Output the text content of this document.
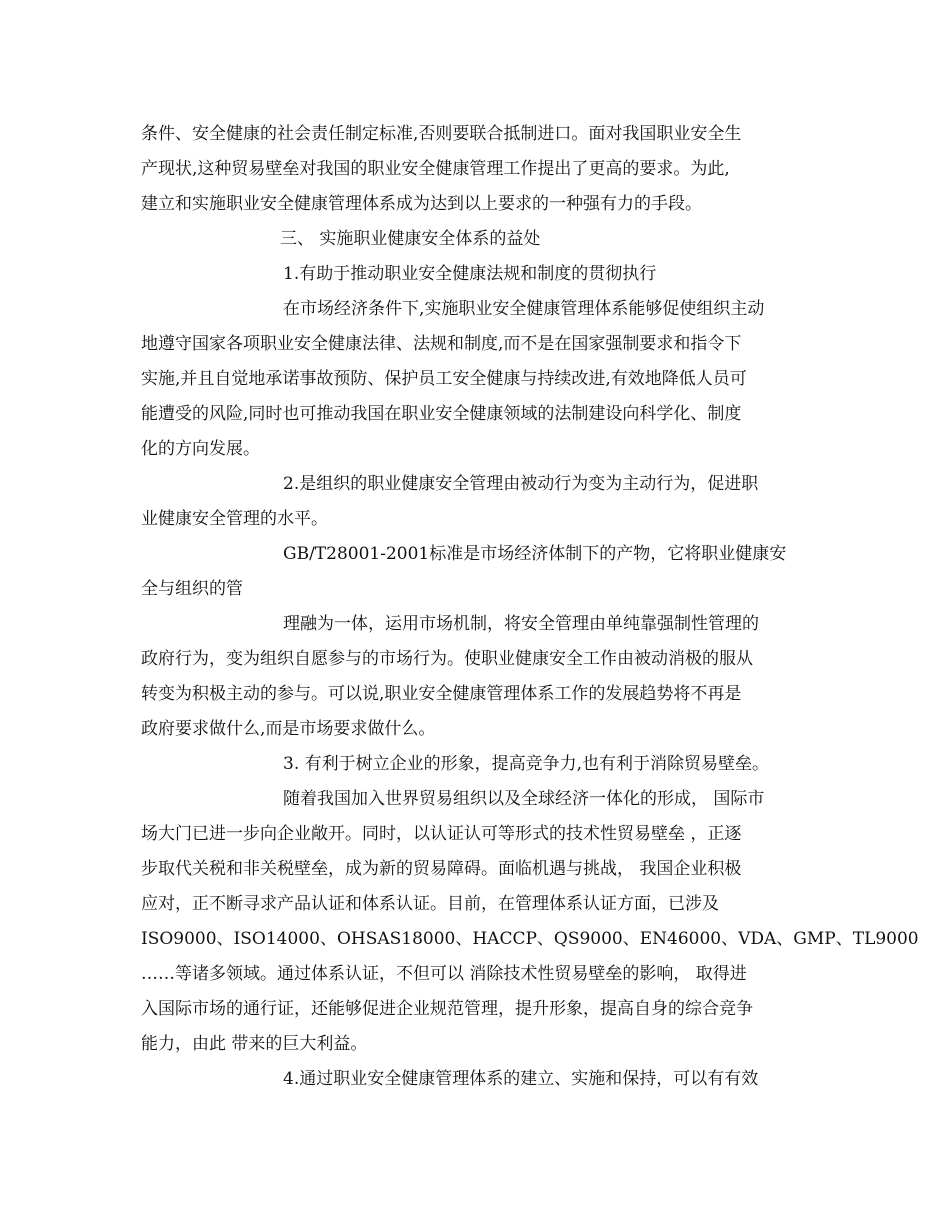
条件、安全健康的社会责任制定标准,否则要联合抵制进口。面对我国职业安全生
产现状,这种贸易壁垒对我国的职业安全健康管理工作提出了更高的要求。为此,
建立和实施职业安全健康管理体系成为达到以上要求的一种强有力的手段。
三、 实施职业健康安全体系的益处
1.有助于推动职业安全健康法规和制度的贯彻执行
在市场经济条件下,实施职业安全健康管理体系能够促使组织主动
地遵守国家各项职业安全健康法律、法规和制度,而不是在国家强制要求和指令下
实施,并且自觉地承诺事故预防、保护员工安全健康与持续改进,有效地降低人员可
能遭受的风险,同时也可推动我国在职业安全健康领域的法制建设向科学化、制度
化的方向发展。
2.是组织的职业健康安全管理由被动行为变为主动行为，促进职
业健康安全管理的水平。
GB/T28001-2001标准是市场经济体制下的产物，它将职业健康安
全与组织的管
理融为一体，运用市场机制，将安全管理由单纯靠强制性管理的
政府行为，变为组织自愿参与的市场行为。使职业健康安全工作由被动消极的服从
转变为积极主动的参与。可以说,职业安全健康管理体系工作的发展趋势将不再是
政府要求做什么,而是市场要求做什么。
3. 有利于树立企业的形象，提高竞争力,也有利于消除贸易壁垒。
随着我国加入世界贸易组织以及全球经济一体化的形成， 国际市
场大门已进一步向企业敞开。同时，以认证认可等形式的技术性贸易壁垒 ，正逐
步取代关税和非关税壁垒，成为新的贸易障碍。面临机遇与挑战， 我国企业积极
应对，正不断寻求产品认证和体系认证。目前，在管理体系认证方面，已涉及
ISO9000、ISO14000、OHSAS18000、HACCP、QS9000、EN46000、VDA、GMP、TL9000
……等诸多领域。通过体系认证，不但可以 消除技术性贸易壁垒的影响， 取得进
入国际市场的通行证，还能够促进企业规范管理，提升形象，提高自身的综合竞争
能力，由此 带来的巨大利益。
4.通过职业安全健康管理体系的建立、实施和保持，可以有有效
